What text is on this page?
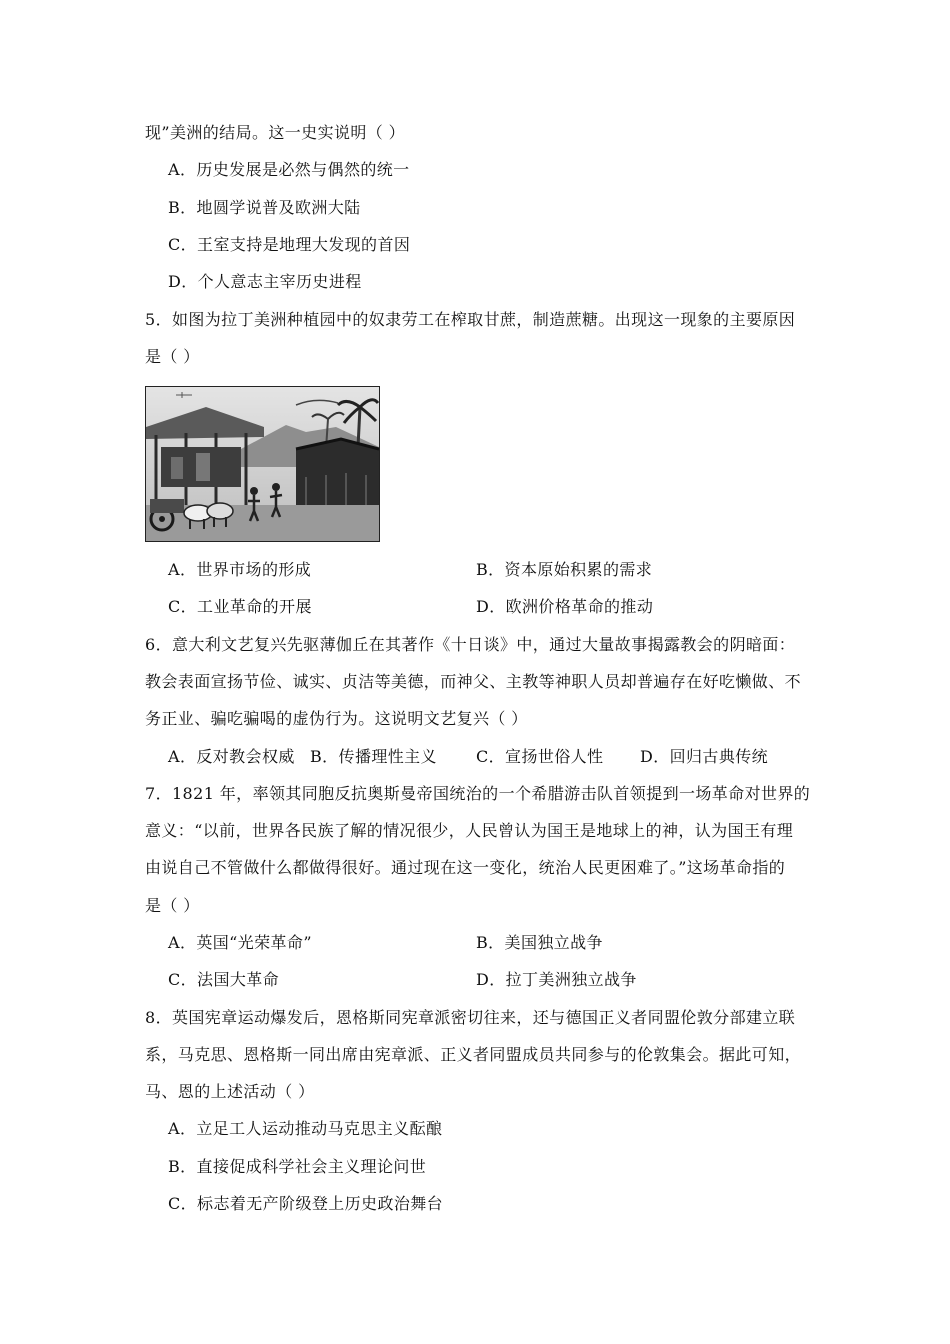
现”美洲的结局。这一史实说明（ ）
A．历史发展是必然与偶然的统一
B．地圆学说普及欧洲大陆
C．王室支持是地理大发现的首因
D．个人意志主宰历史进程
5．如图为拉丁美洲种植园中的奴隶劳工在榨取甘蔗，制造蔗糖。出现这一现象的主要原因
是（ ）
A．世界市场的形成	B．资本原始积累的需求
C．工业革命的开展	D．欧洲价格革命的推动
6．意大利文艺复兴先驱薄伽丘在其著作《十日谈》中，通过大量故事揭露教会的阴暗面：
教会表面宣扬节俭、诚实、贞洁等美德，而神父、主教等神职人员却普遍存在好吃懒做、不
务正业、骗吃骗喝的虚伪行为。这说明文艺复兴（ ）
A．反对教会权威 B．传播理性主义 C．宣扬世俗人性 D．回归古典传统
7．1821 年，率领其同胞反抗奥斯曼帝国统治的一个希腊游击队首领提到一场革命对世界的
意义：“以前，世界各民族了解的情况很少，人民曾认为国王是地球上的神，认为国王有理
由说自己不管做什么都做得很好。通过现在这一变化，统治人民更困难了。”这场革命指的
是（ ）
A．英国“光荣革命”	B．美国独立战争
C．法国大革命	D．拉丁美洲独立战争
8．英国宪章运动爆发后，恩格斯同宪章派密切往来，还与德国正义者同盟伦敦分部建立联
系，马克思、恩格斯一同出席由宪章派、正义者同盟成员共同参与的伦敦集会。据此可知，
马、恩的上述活动（ ）
A．立足工人运动推动马克思主义酝酿
B．直接促成科学社会主义理论问世
C．标志着无产阶级登上历史政治舞台
